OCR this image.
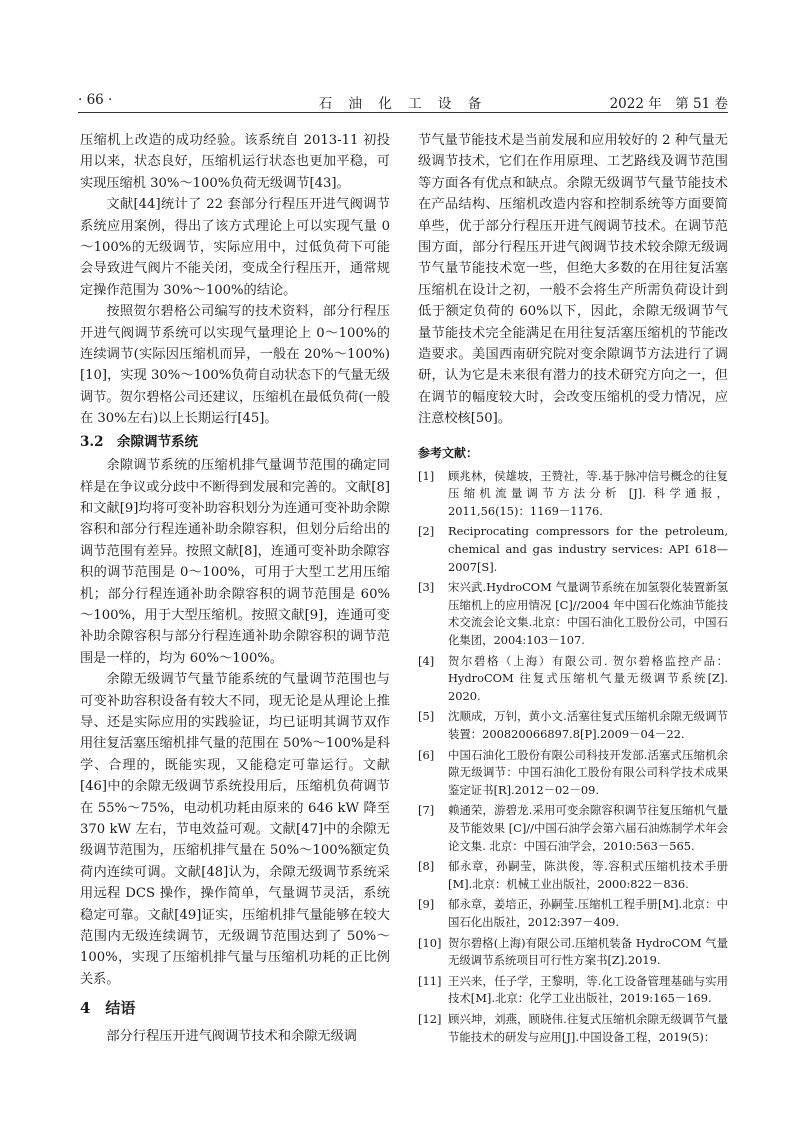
· 66 ·	石 油 化 工 设 备	2022 年　第 51 卷

压缩机上改造的成功经验。该系统自 2013-11 初投用以来，状态良好，压缩机运行状态也更加平稳，可实现压缩机 30%～100%负荷无级调节[43]。

文献[44]统计了 22 套部分行程压开进气阀调节系统应用案例，得出了该方式理论上可以实现气量 0～100%的无级调节，实际应用中，过低负荷下可能会导致进气阀片不能关闭，变成全行程压开，通常规定操作范围为 30%～100%的结论。

按照贺尔碧格公司编写的技术资料，部分行程压开进气阀调节系统可以实现气量理论上 0～100%的连续调节(实际因压缩机而异，一般在 20%～100%)[10]，实现 30%～100%负荷自动状态下的气量无级调节。贺尔碧格公司还建议，压缩机在最低负荷(一般在 30%左右)以上长期运行[45]。

3.2　余隙调节系统

余隙调节系统的压缩机排气量调节范围的确定同样是在争议或分歧中不断得到发展和完善的。文献[8]和文献[9]均将可变补助容积划分为连通可变补助余隙容积和部分行程连通补助余隙容积，但划分后给出的调节范围有差异。按照文献[8]，连通可变补助余隙容积的调节范围是 0～100%，可用于大型工艺用压缩机；部分行程连通补助余隙容积的调节范围是 60%～100%，用于大型压缩机。按照文献[9]，连通可变补助余隙容积与部分行程连通补助余隙容积的调节范围是一样的，均为 60%～100%。

余隙无级调节气量节能系统的气量调节范围也与可变补助容积设备有较大不同，现无论是从理论上推导、还是实际应用的实践验证，均已证明其调节双作用往复活塞压缩机排气量的范围在 50%～100%是科学、合理的，既能实现，又能稳定可靠运行。文献[46]中的余隙无级调节系统投用后，压缩机负荷调节在 55%～75%，电动机功耗由原来的 646 kW 降至 370 kW 左右，节电效益可观。文献[47]中的余隙无级调节范围为，压缩机排气量在 50%～100%额定负荷内连续可调。文献[48]认为，余隙无级调节系统采用远程 DCS 操作，操作简单，气量调节灵活，系统稳定可靠。文献[49]证实，压缩机排气量能够在较大范围内无级连续调节，无级调节范围达到了 50%～100%，实现了压缩机排气量与压缩机功耗的正比例关系。

4　结语

部分行程压开进气阀调节技术和余隙无级调

节气量节能技术是当前发展和应用较好的 2 种气量无级调节技术，它们在作用原理、工艺路线及调节范围等方面各有优点和缺点。余隙无级调节气量节能技术在产品结构、压缩机改造内容和控制系统等方面要简单些，优于部分行程压开进气阀调节技术。在调节范围方面，部分行程压开进气阀调节技术较余隙无级调节气量节能技术宽一些，但绝大多数的在用往复活塞压缩机在设计之初，一般不会将生产所需负荷设计到低于额定负荷的 60%以下，因此，余隙无级调节气量节能技术完全能满足在用往复活塞压缩机的节能改造要求。美国西南研究院对变余隙调节方法进行了调研，认为它是未来很有潜力的技术研究方向之一，但在调节的幅度较大时，会改变压缩机的受力情况，应注意校核[50]。

参考文献：
[1]	顾兆林，侯雄坡，王赞社，等.基于脉冲信号概念的往复压缩机流量调节方法分析 [J]. 科学通报，2011,56(15)：1169－1176.
[2]	Reciprocating compressors for the petroleum, chemical and gas industry services: API 618—2007[S].
[3]	宋兴武.HydroCOM 气量调节系统在加氢裂化装置新氢压缩机上的应用情况 [C]//2004 年中国石化炼油节能技术交流会论文集.北京：中国石油化工股份公司，中国石化集团，2004:103－107.
[4]	贺尔碧格（上海）有限公司. 贺尔碧格监控产品：HydroCOM 往复式压缩机气量无级调节系统[Z]. 2020.
[5]	沈顺成，万钊，黄小文.活塞往复式压缩机余隙无级调节装置：200820066897.8[P].2009－04－22.
[6]	中国石油化工股份有限公司科技开发部.活塞式压缩机余隙无级调节：中国石油化工股份有限公司科学技术成果鉴定证书[R].2012－02－09.
[7]	赖通荣，游碧龙.采用可变余隙容积调节往复压缩机气量及节能效果 [C]//中国石油学会第六届石油炼制学术年会论文集. 北京：中国石油学会，2010:563－565.
[8]	郁永章，孙嗣莹，陈洪俊，等.容积式压缩机技术手册[M].北京：机械工业出版社，2000:822－836.
[9]	郁永章，姜培正，孙嗣莹.压缩机工程手册[M].北京：中国石化出版社，2012:397－409.
[10] 贺尔碧格(上海)有限公司.压缩机装备 HydroCOM 气量无级调节系统项目可行性方案书[Z].2019.
[11] 王兴来，任子学，王黎明，等.化工设备管理基础与实用技术[M].北京：化学工业出版社，2019:165－169.
[12] 顾兴坤，刘燕，顾晓伟.往复式压缩机余隙无级调节气量节能技术的研发与应用[J].中国设备工程，2019(5)：
